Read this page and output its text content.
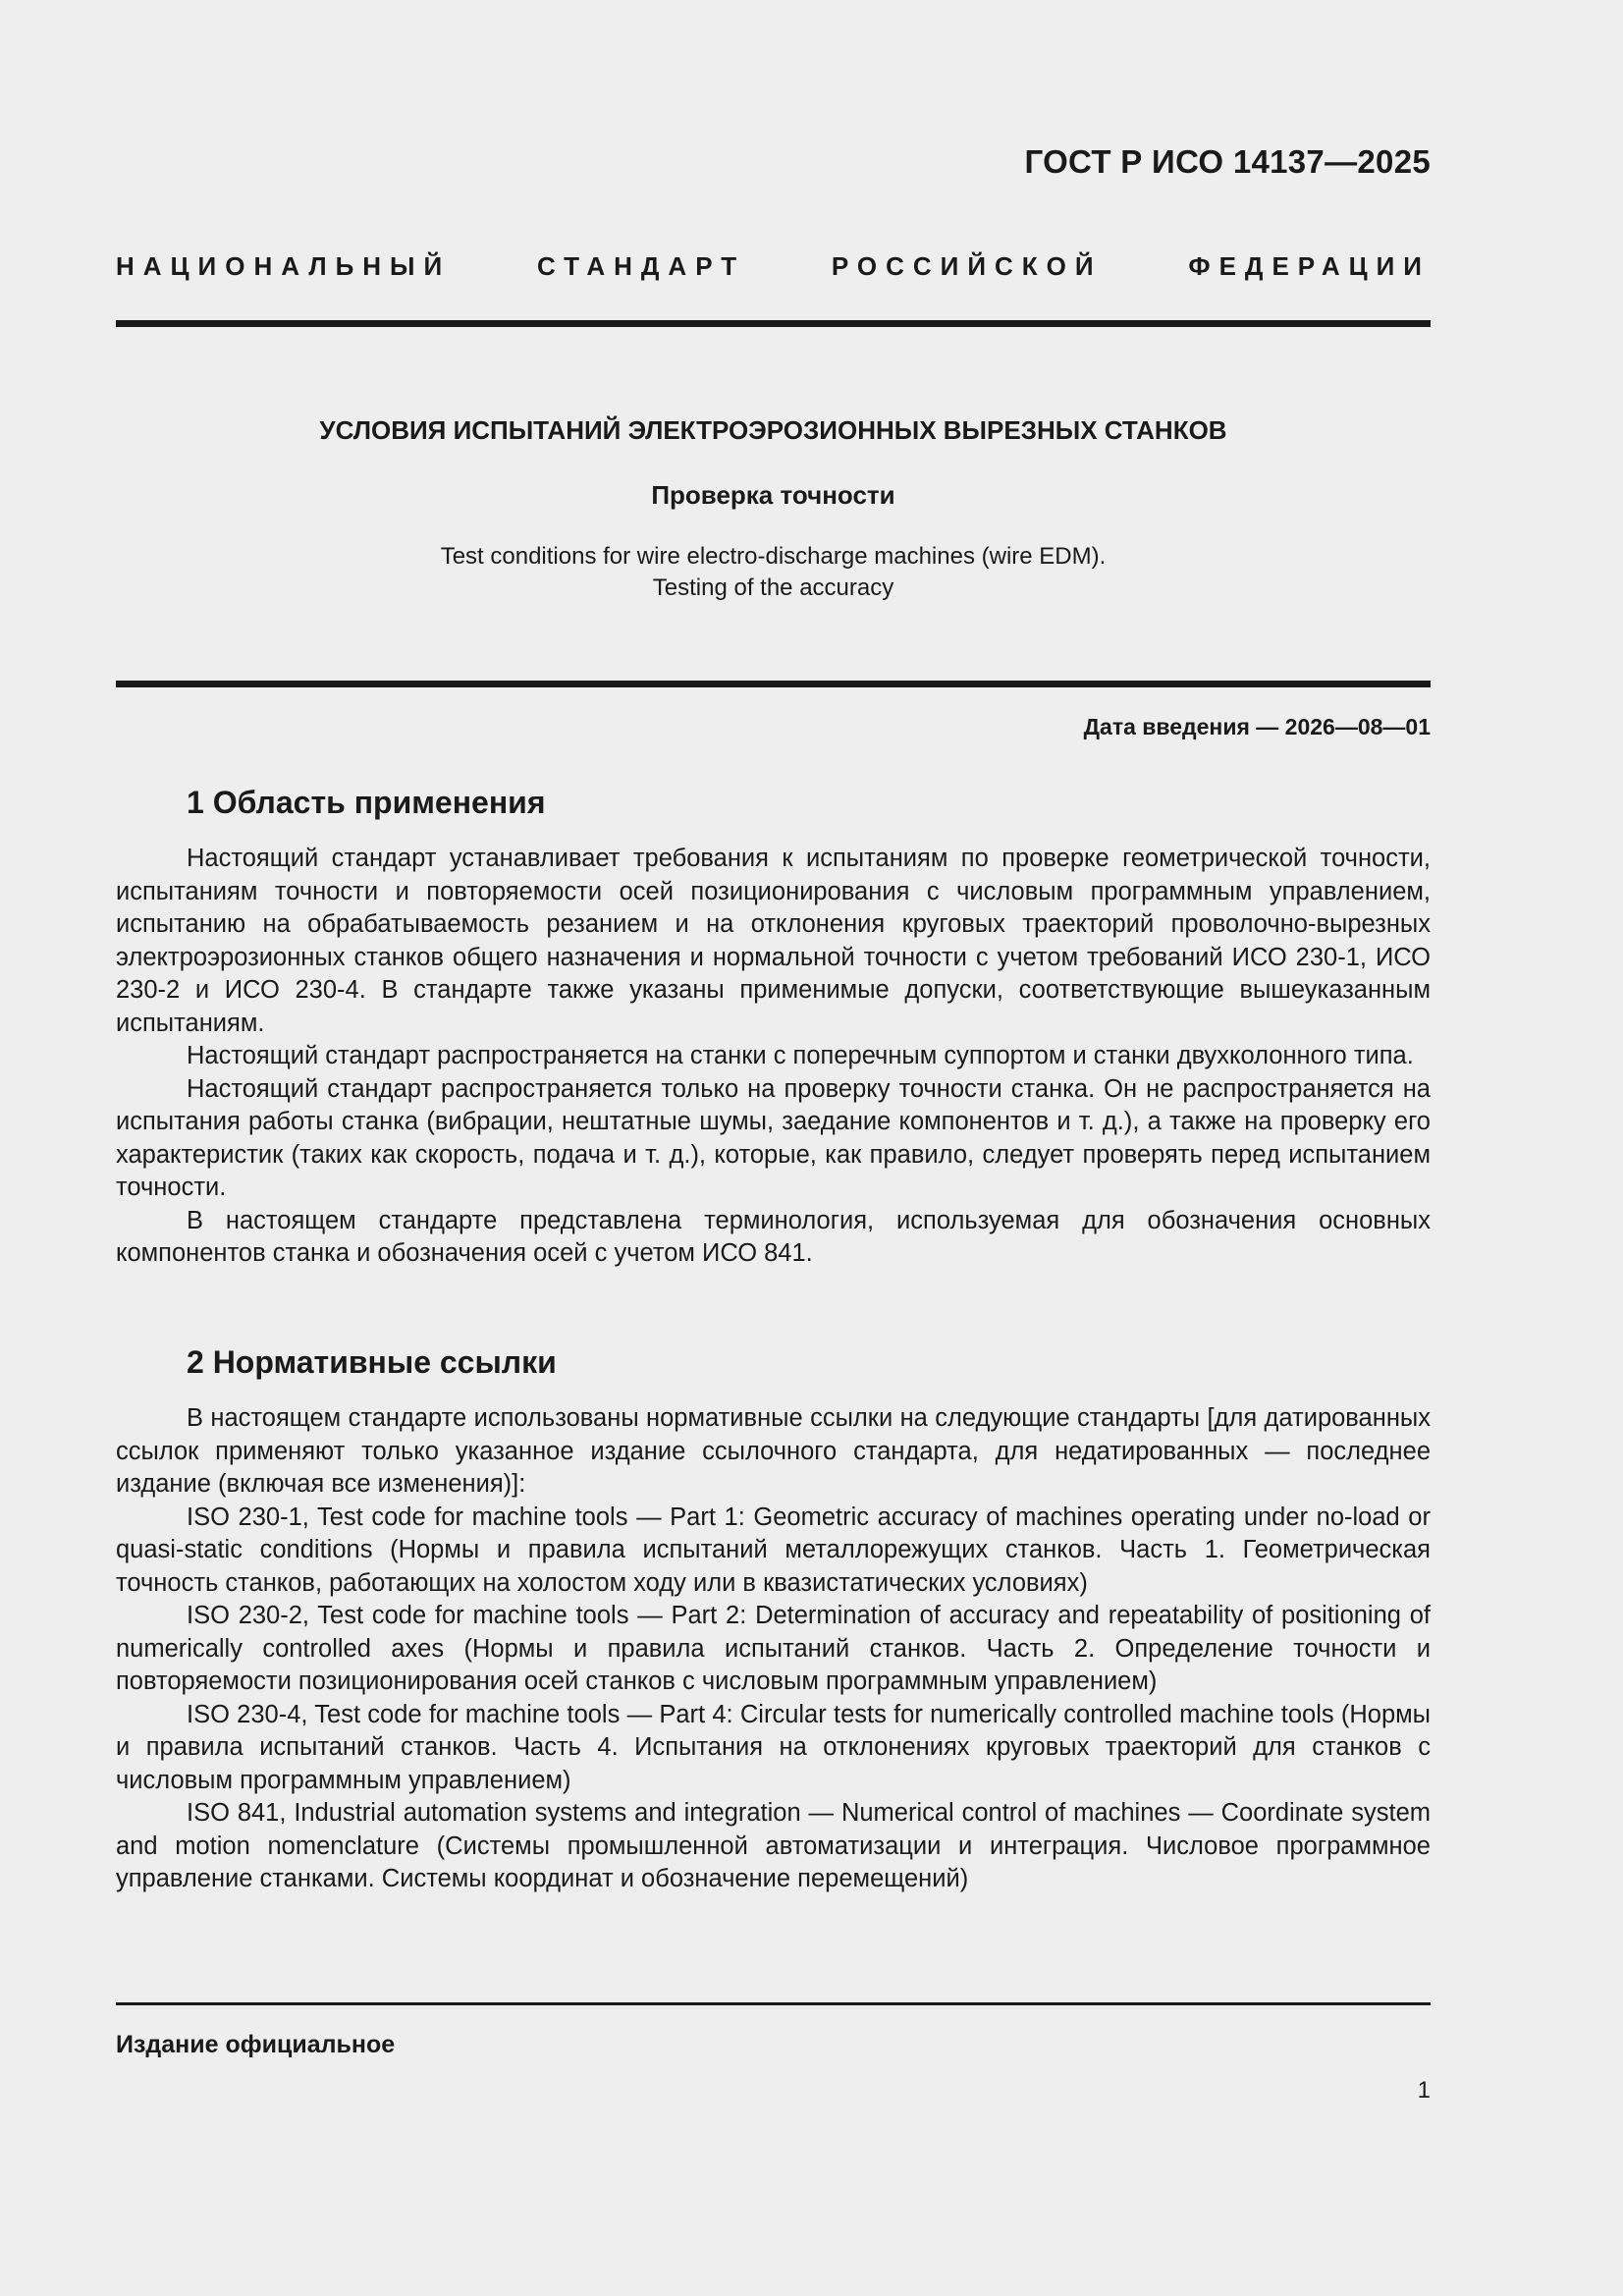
ГОСТ Р ИСО 14137—2025
НАЦИОНАЛЬНЫЙ СТАНДАРТ РОССИЙСКОЙ ФЕДЕРАЦИИ
УСЛОВИЯ ИСПЫТАНИЙ ЭЛЕКТРОЭРОЗИОННЫХ ВЫРЕЗНЫХ СТАНКОВ
Проверка точности
Test conditions for wire electro-discharge machines (wire EDM).
Testing of the accuracy
Дата введения — 2026—08—01
1 Область применения

Настоящий стандарт устанавливает требования к испытаниям по проверке геометрической точности, испытаниям точности и повторяемости осей позиционирования с числовым программным управлением, испытанию на обрабатываемость резанием и на отклонения круговых траекторий проволочно-вырезных электроэрозионных станков общего назначения и нормальной точности с учетом требований ИСО 230-1, ИСО 230-2 и ИСО 230-4. В стандарте также указаны применимые допуски, соответствующие вышеуказанным испытаниям.

Настоящий стандарт распространяется на станки с поперечным суппортом и станки двухколонного типа.

Настоящий стандарт распространяется только на проверку точности станка. Он не распространяется на испытания работы станка (вибрации, нештатные шумы, заедание компонентов и т. д.), а также на проверку его характеристик (таких как скорость, подача и т. д.), которые, как правило, следует проверять перед испытанием точности.

В настоящем стандарте представлена терминология, используемая для обозначения основных компонентов станка и обозначения осей с учетом ИСО 841.

2 Нормативные ссылки

В настоящем стандарте использованы нормативные ссылки на следующие стандарты [для датированных ссылок применяют только указанное издание ссылочного стандарта, для недатированных — последнее издание (включая все изменения)]:

ISO 230-1, Test code for machine tools — Part 1: Geometric accuracy of machines operating under no-load or quasi-static conditions (Нормы и правила испытаний металлорежущих станков. Часть 1. Геометрическая точность станков, работающих на холостом ходу или в квазистатических условиях)

ISO 230-2, Test code for machine tools — Part 2: Determination of accuracy and repeatability of positioning of numerically controlled axes (Нормы и правила испытаний станков. Часть 2. Определение точности и повторяемости позиционирования осей станков с числовым программным управлением)

ISO 230-4, Test code for machine tools — Part 4: Circular tests for numerically controlled machine tools (Нормы и правила испытаний станков. Часть 4. Испытания на отклонениях круговых траекторий для станков с числовым программным управлением)

ISO 841, Industrial automation systems and integration — Numerical control of machines — Coordinate system and motion nomenclature (Системы промышленной автоматизации и интеграция. Числовое программное управление станками. Системы координат и обозначение перемещений)

Издание официальное
1
